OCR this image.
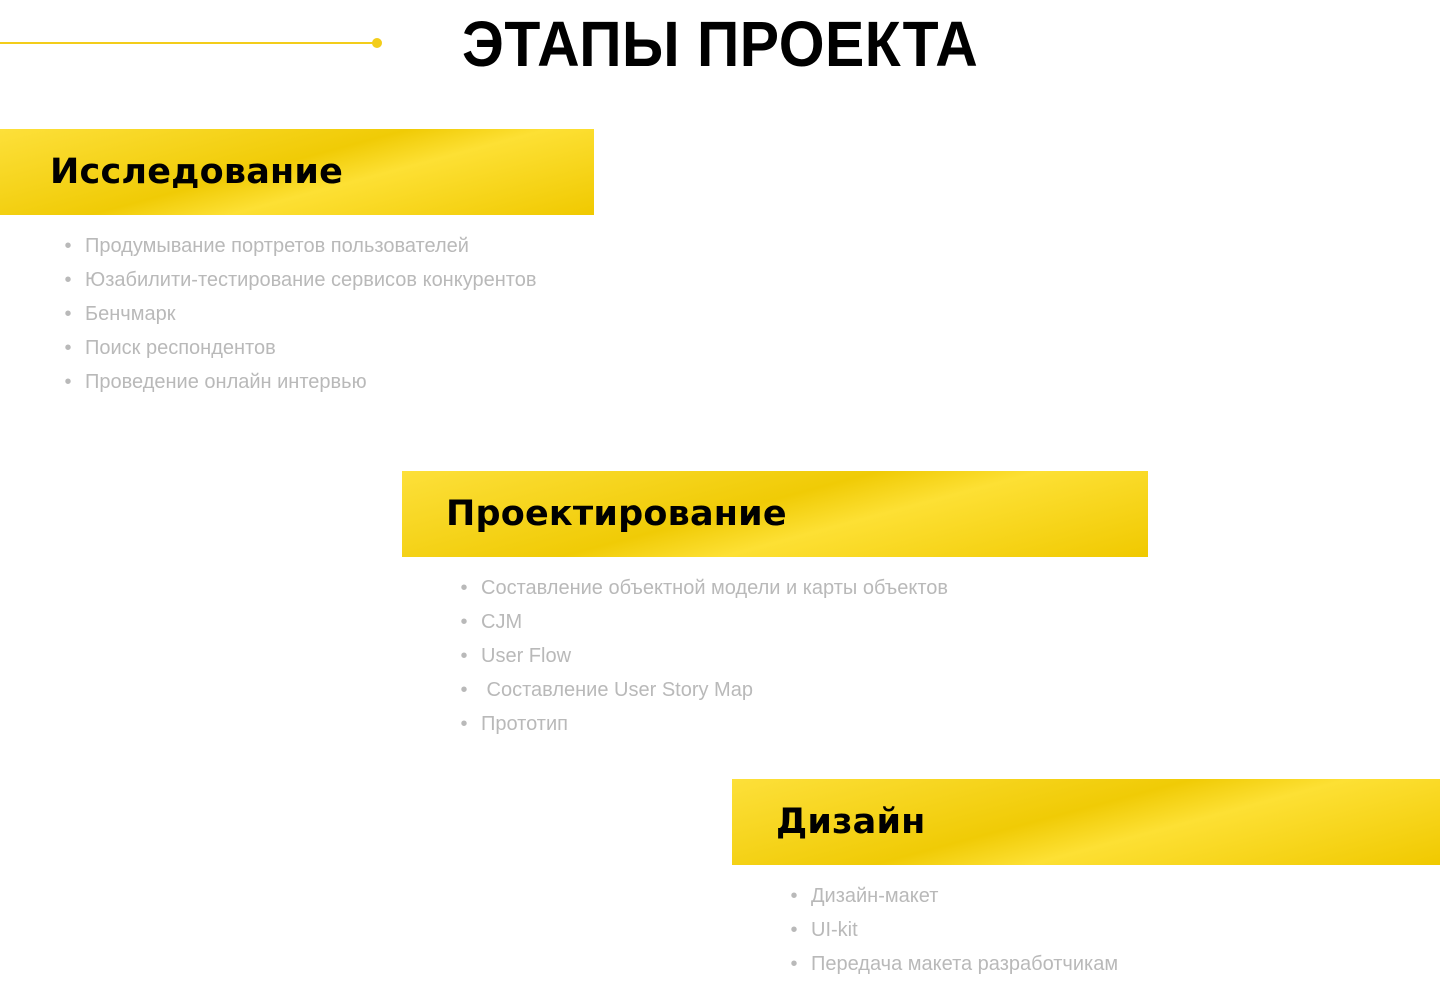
ЭТАПЫ ПРОЕКТА
Исследование
• Продумывание портретов пользователей
• Юзабилити-тестирование сервисов конкурентов
• Бенчмарк
• Поиск респондентов
• Проведение онлайн интервью
Проектирование
• Составление объектной модели и карты объектов
• CJM
• User Flow
• Составление User Story Map
• Прототип
Дизайн
• Дизайн-макет
• UI-kit
• Передача макета разработчикам
